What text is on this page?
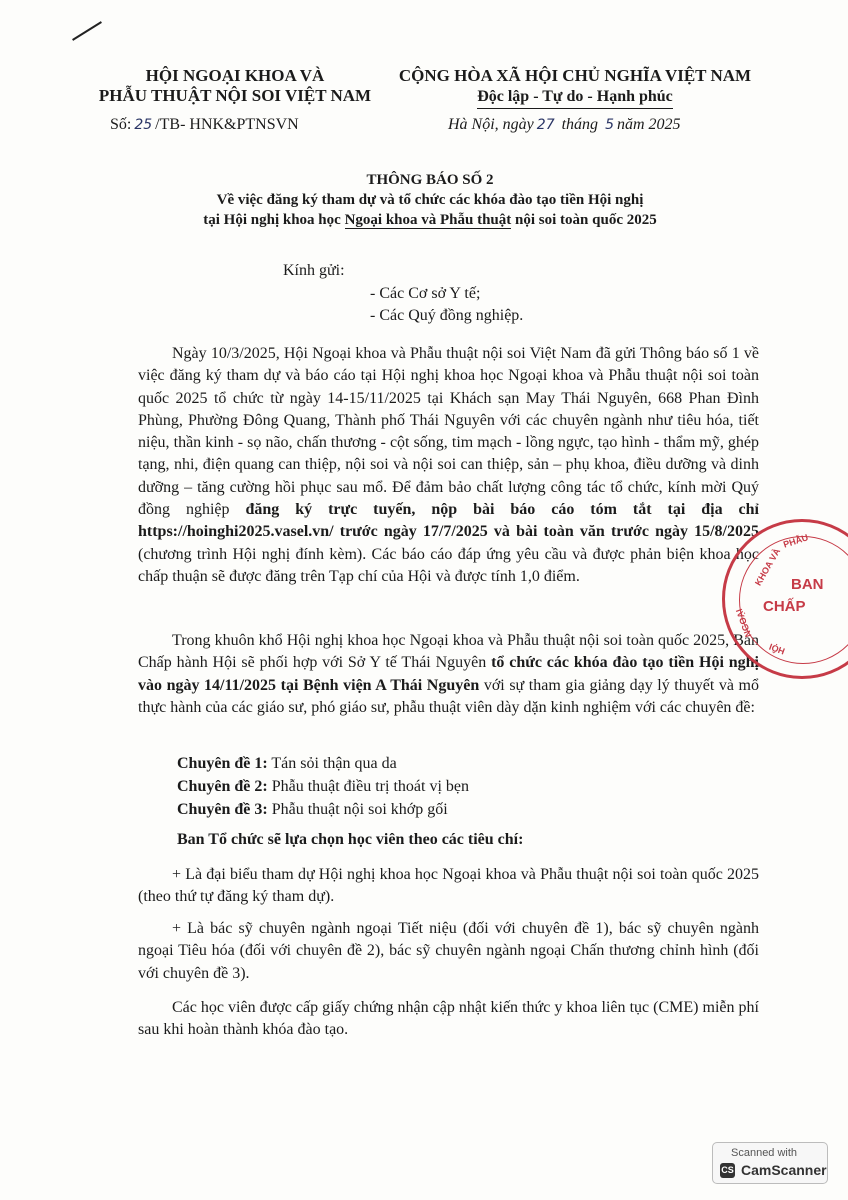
HỘI NGOẠI KHOA VÀ
PHẪU THUẬT NỘI SOI VIỆT NAM
CỘNG HÒA XÃ HỘI CHỦ NGHĨA VIỆT NAM
Độc lập - Tự do - Hạnh phúc
Số: 25 /TB- HNK&PTNSVN	Hà Nội, ngày 27 tháng 5 năm 2025
THÔNG BÁO SỐ 2
Về việc đăng ký tham dự và tổ chức các khóa đào tạo tiền Hội nghị
tại Hội nghị khoa học Ngoại khoa và Phẫu thuật nội soi toàn quốc 2025
Kính gửi:
- Các Cơ sở Y tế;
- Các Quý đồng nghiệp.
Ngày 10/3/2025, Hội Ngoại khoa và Phẫu thuật nội soi Việt Nam đã gửi Thông báo số 1 về việc đăng ký tham dự và báo cáo tại Hội nghị khoa học Ngoại khoa và Phẫu thuật nội soi toàn quốc 2025 tổ chức từ ngày 14-15/11/2025 tại Khách sạn May Thái Nguyên, 668 Phan Đình Phùng, Phường Đông Quang, Thành phố Thái Nguyên với các chuyên ngành như tiêu hóa, tiết niệu, thần kinh - sọ não, chấn thương - cột sống, tim mạch - lồng ngực, tạo hình - thẩm mỹ, ghép tạng, nhi, điện quang can thiệp, nội soi và nội soi can thiệp, sản – phụ khoa, điều dưỡng và dinh dưỡng – tăng cường hồi phục sau mổ. Để đảm bảo chất lượng công tác tổ chức, kính mời Quý đồng nghiệp đăng ký trực tuyến, nộp bài báo cáo tóm tắt tại địa chỉ https://hoinghi2025.vasel.vn/ trước ngày 17/7/2025 và bài toàn văn trước ngày 15/8/2025 (chương trình Hội nghị đính kèm). Các báo cáo đáp ứng yêu cầu và được phản biện khoa học chấp thuận sẽ được đăng trên Tạp chí của Hội và được tính 1,0 điểm.
Trong khuôn khổ Hội nghị khoa học Ngoại khoa và Phẫu thuật nội soi toàn quốc 2025, Ban Chấp hành Hội sẽ phối hợp với Sở Y tế Thái Nguyên tổ chức các khóa đào tạo tiền Hội nghị vào ngày 14/11/2025 tại Bệnh viện A Thái Nguyên với sự tham gia giảng dạy lý thuyết và mổ thực hành của các giáo sư, phó giáo sư, phẫu thuật viên dày dặn kinh nghiệm với các chuyên đề:
Chuyên đề 1: Tán sỏi thận qua da
Chuyên đề 2: Phẫu thuật điều trị thoát vị bẹn
Chuyên đề 3: Phẫu thuật nội soi khớp gối
Ban Tổ chức sẽ lựa chọn học viên theo các tiêu chí:
+ Là đại biểu tham dự Hội nghị khoa học Ngoại khoa và Phẫu thuật nội soi toàn quốc 2025 (theo thứ tự đăng ký tham dự).
+ Là bác sỹ chuyên ngành ngoại Tiết niệu (đối với chuyên đề 1), bác sỹ chuyên ngành ngoại Tiêu hóa (đối với chuyên đề 2), bác sỹ chuyên ngành ngoại Chấn thương chỉnh hình (đối với chuyên đề 3).
Các học viên được cấp giấy chứng nhận cập nhật kiến thức y khoa liên tục (CME) miễn phí sau khi hoàn thành khóa đào tạo.
PHẪU
KHOA VÀ
NGOẠI
HỘI
BAN
CHẤP
Scanned with
CS CamScanner
